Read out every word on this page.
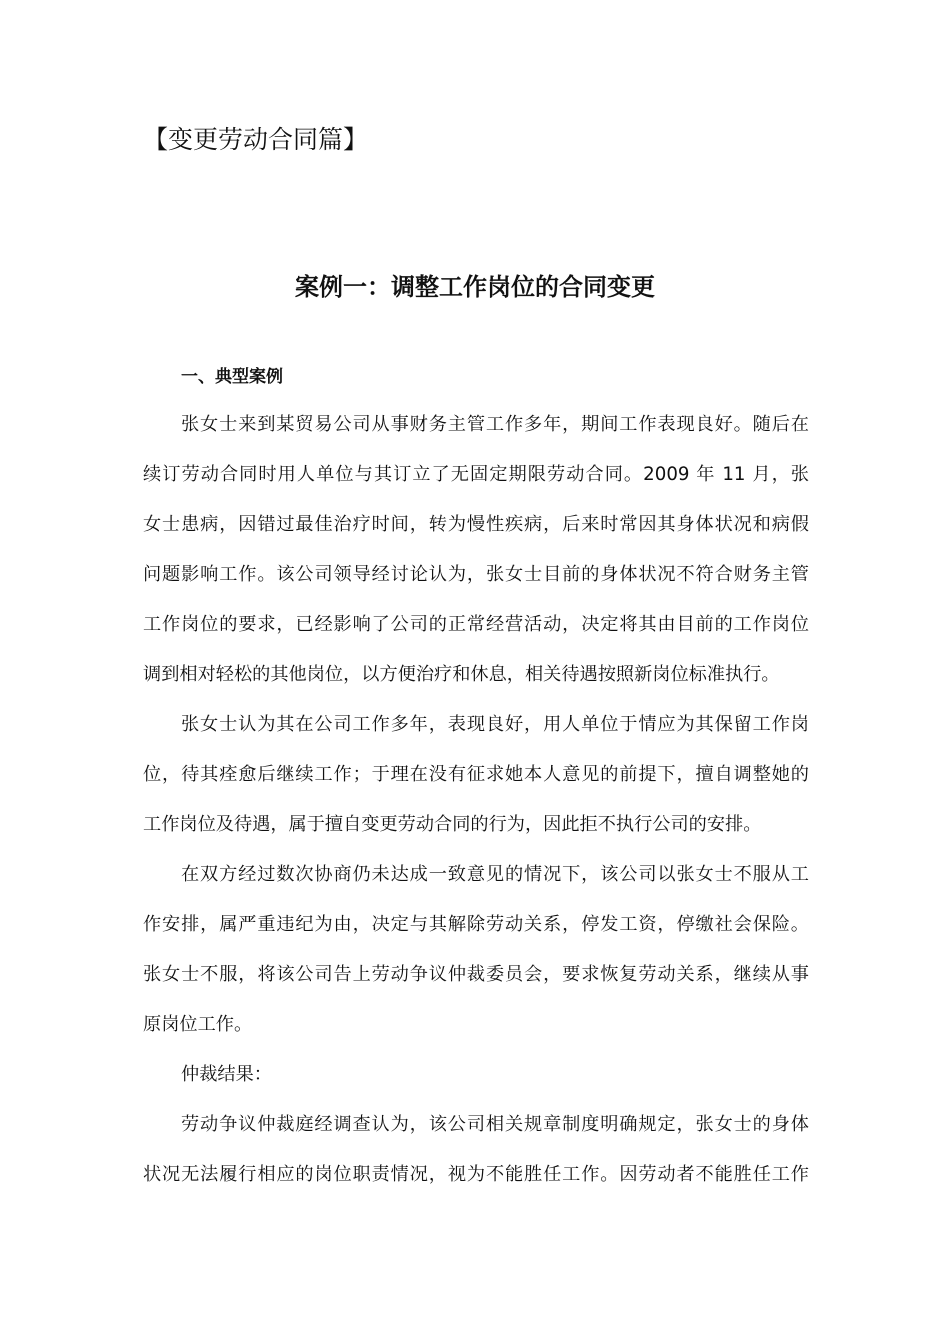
【变更劳动合同篇】
案例一：调整工作岗位的合同变更
一、典型案例
张女士来到某贸易公司从事财务主管工作多年，期间工作表现良好。随后在
续订劳动合同时用人单位与其订立了无固定期限劳动合同。2009 年 11 月，张
女士患病，因错过最佳治疗时间，转为慢性疾病，后来时常因其身体状况和病假
问题影响工作。该公司领导经讨论认为，张女士目前的身体状况不符合财务主管
工作岗位的要求，已经影响了公司的正常经营活动，决定将其由目前的工作岗位
调到相对轻松的其他岗位，以方便治疗和休息，相关待遇按照新岗位标准执行。
张女士认为其在公司工作多年，表现良好，用人单位于情应为其保留工作岗
位，待其痊愈后继续工作；于理在没有征求她本人意见的前提下，擅自调整她的
工作岗位及待遇，属于擅自变更劳动合同的行为，因此拒不执行公司的安排。
在双方经过数次协商仍未达成一致意见的情况下，该公司以张女士不服从工
作安排，属严重违纪为由，决定与其解除劳动关系，停发工资，停缴社会保险。
张女士不服，将该公司告上劳动争议仲裁委员会，要求恢复劳动关系，继续从事
原岗位工作。
仲裁结果：
劳动争议仲裁庭经调查认为，该公司相关规章制度明确规定，张女士的身体
状况无法履行相应的岗位职责情况，视为不能胜任工作。因劳动者不能胜任工作
